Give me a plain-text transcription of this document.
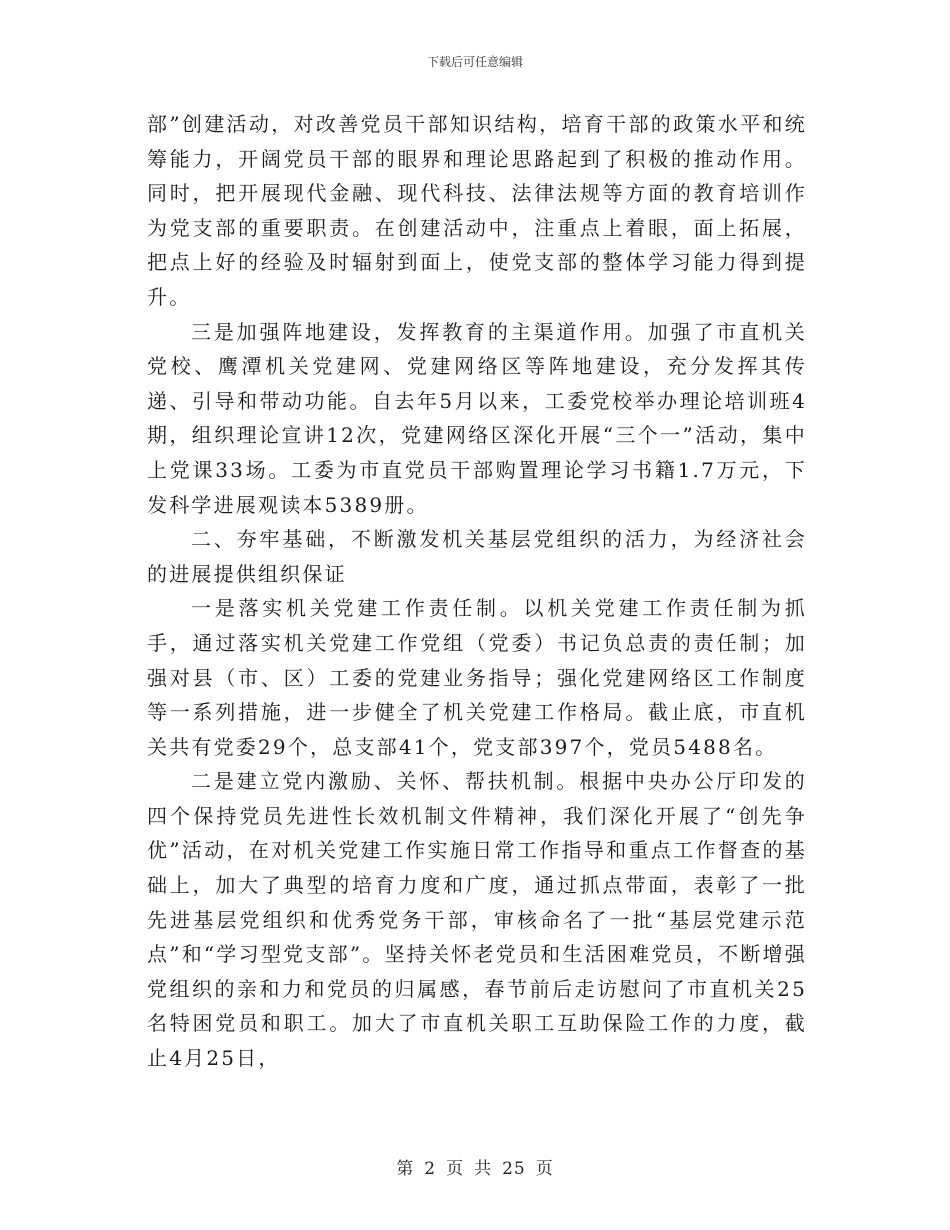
下载后可任意编辑

部”创建活动，对改善党员干部知识结构，培育干部的政策水平和统筹能力，开阔党员干部的眼界和理论思路起到了积极的推动作用。同时，把开展现代金融、现代科技、法律法规等方面的教育培训作为党支部的重要职责。在创建活动中，注重点上着眼，面上拓展，把点上好的经验及时辐射到面上，使党支部的整体学习能力得到提升。

三是加强阵地建设，发挥教育的主渠道作用。加强了市直机关党校、鹰潭机关党建网、党建网络区等阵地建设，充分发挥其传递、引导和带动功能。自去年5月以来，工委党校举办理论培训班4期，组织理论宣讲12次，党建网络区深化开展“三个一”活动，集中上党课33场。工委为市直党员干部购置理论学习书籍1.7万元，下发科学进展观读本5389册。

二、夯牢基础，不断激发机关基层党组织的活力，为经济社会的进展提供组织保证

一是落实机关党建工作责任制。以机关党建工作责任制为抓手，通过落实机关党建工作党组（党委）书记负总责的责任制；加强对县（市、区）工委的党建业务指导；强化党建网络区工作制度等一系列措施，进一步健全了机关党建工作格局。截止底，市直机关共有党委29个，总支部41个，党支部397个，党员5488名。

二是建立党内激励、关怀、帮扶机制。根据中央办公厅印发的四个保持党员先进性长效机制文件精神，我们深化开展了“创先争优”活动，在对机关党建工作实施日常工作指导和重点工作督查的基础上，加大了典型的培育力度和广度，通过抓点带面，表彰了一批先进基层党组织和优秀党务干部，审核命名了一批“基层党建示范点”和“学习型党支部”。坚持关怀老党员和生活困难党员，不断增强党组织的亲和力和党员的归属感，春节前后走访慰问了市直机关25名特困党员和职工。加大了市直机关职工互助保险工作的力度，截止4月25日，

第 2 页 共 25 页
